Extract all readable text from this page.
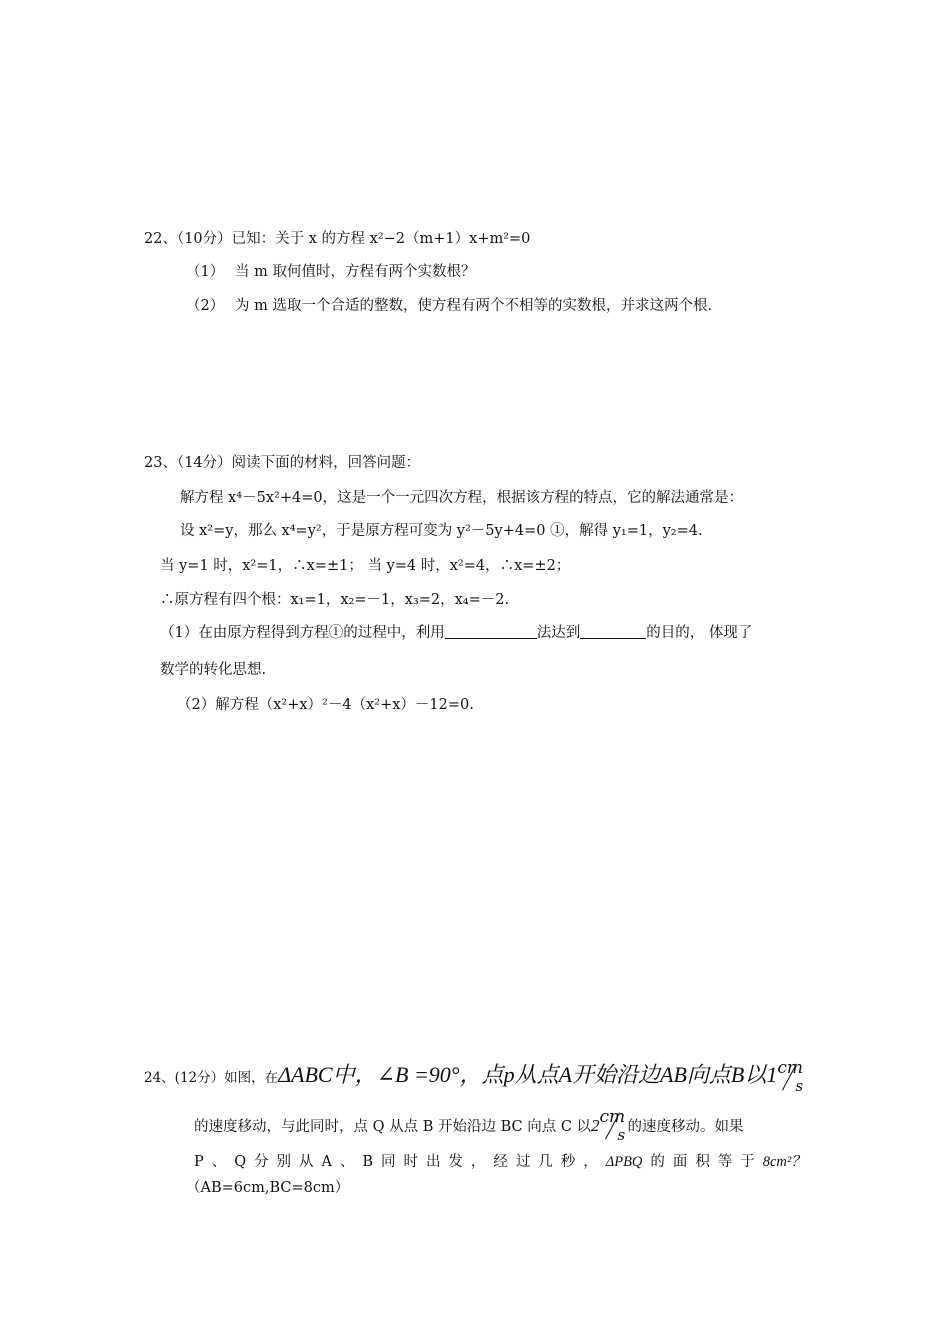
22、（10分）已知：关于 x 的方程 x²−2（m+1）x+m²=0
（1） 当 m 取何值时，方程有两个实数根？
（2） 为 m 选取一个合适的整数，使方程有两个不相等的实数根，并求这两个根.
23、（14分）阅读下面的材料，回答问题：
解方程 x⁴－5x²+4=0，这是一个一元四次方程，根据该方程的特点，它的解法通常是：
设 x²=y，那么 x⁴=y²，于是原方程可变为 y²－5y+4=0 ①，解得 y₁=1，y₂=4.
当 y=1 时，x²=1，∴x=±1； 当 y=4 时，x²=4，∴x=±2；
∴原方程有四个根：x₁=1，x₂=－1，x₃=2，x₄=－2.
（1）在由原方程得到方程①的过程中，利用	法达到	的目的， 体现了
数学的转化思想.
（2）解方程（x²+x）²－4（x²+x）－12=0.
24、(12分）如图，在ΔABC中，∠B =90°，点p从点A开始沿边AB向点B以1 cm
s
的速度移动，与此同时，点 Q 从点 B 开始沿边 BC 向点 C 以2 cm
s 的速度移动。如果
P 、 Q 分 别 从 A 、 B 同 时 出 发 ， 经 过 几 秒 ， ΔPBQ 的 面 积 等 于 8cm²？
（AB=6cm,BC=8cm）
